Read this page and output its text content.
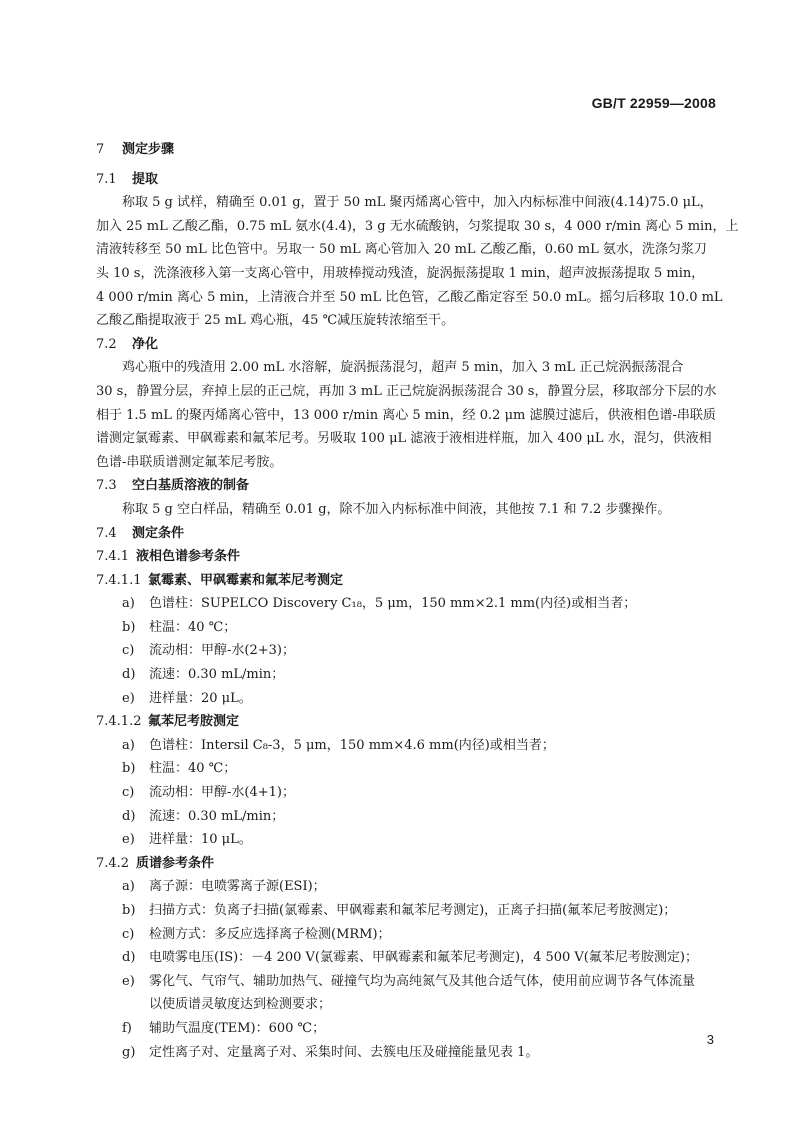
GB/T 22959—2008

7 测定步骤

7.1 提取

称取 5 g 试样，精确至 0.01 g，置于 50 mL 聚丙烯离心管中，加入内标标准中间液(4.14)75.0 μL，

加入 25 mL 乙酸乙酯，0.75 mL 氨水(4.4)，3 g 无水硫酸钠，匀浆提取 30 s，4 000 r/min 离心 5 min，上

清液转移至 50 mL 比色管中。另取一 50 mL 离心管加入 20 mL 乙酸乙酯，0.60 mL 氨水，洗涤匀浆刀

头 10 s，洗涤液移入第一支离心管中，用玻棒搅动残渣，旋涡振荡提取 1 min，超声波振荡提取 5 min，

4 000 r/min 离心 5 min，上清液合并至 50 mL 比色管，乙酸乙酯定容至 50.0 mL。摇匀后移取 10.0 mL

乙酸乙酯提取液于 25 mL 鸡心瓶，45 ℃减压旋转浓缩至干。

7.2 净化

鸡心瓶中的残渣用 2.00 mL 水溶解，旋涡振荡混匀，超声 5 min，加入 3 mL 正己烷涡振荡混合

30 s，静置分层，弃掉上层的正己烷，再加 3 mL 正己烷旋涡振荡混合 30 s，静置分层，移取部分下层的水

相于 1.5 mL 的聚丙烯离心管中，13 000 r/min 离心 5 min，经 0.2 μm 滤膜过滤后，供液相色谱-串联质

谱测定氯霉素、甲砜霉素和氟苯尼考。另吸取 100 μL 滤液于液相进样瓶，加入 400 μL 水，混匀，供液相

色谱-串联质谱测定氟苯尼考胺。

7.3 空白基质溶液的制备

称取 5 g 空白样品，精确至 0.01 g，除不加入内标标准中间液，其他按 7.1 和 7.2 步骤操作。

7.4 测定条件

7.4.1 液相色谱参考条件

7.4.1.1 氯霉素、甲砜霉素和氟苯尼考测定

a)	色谱柱：SUPELCO Discovery C₁₈，5 μm，150 mm×2.1 mm(内径)或相当者；

b)	柱温：40 ℃；

c)	流动相：甲醇-水(2+3)；

d)	流速：0.30 mL/min；

e)	进样量：20 μL。

7.4.1.2 氟苯尼考胺测定

a)	色谱柱：Intersil C₈-3，5 μm，150 mm×4.6 mm(内径)或相当者；

b)	柱温：40 ℃；

c)	流动相：甲醇-水(4+1)；

d)	流速：0.30 mL/min；

e)	进样量：10 μL。

7.4.2 质谱参考条件

a)	离子源：电喷雾离子源(ESI)；

b)	扫描方式：负离子扫描(氯霉素、甲砜霉素和氟苯尼考测定)，正离子扫描(氟苯尼考胺测定)；

c)	检测方式：多反应选择离子检测(MRM)；

d)	电喷雾电压(IS)：－4 200 V(氯霉素、甲砜霉素和氟苯尼考测定)，4 500 V(氟苯尼考胺测定)；

e)	雾化气、气帘气、辅助加热气、碰撞气均为高纯氮气及其他合适气体，使用前应调节各气体流量
以使质谱灵敏度达到检测要求；

f)	辅助气温度(TEM)：600 ℃；

g)	定性离子对、定量离子对、采集时间、去簇电压及碰撞能量见表 1。

3
